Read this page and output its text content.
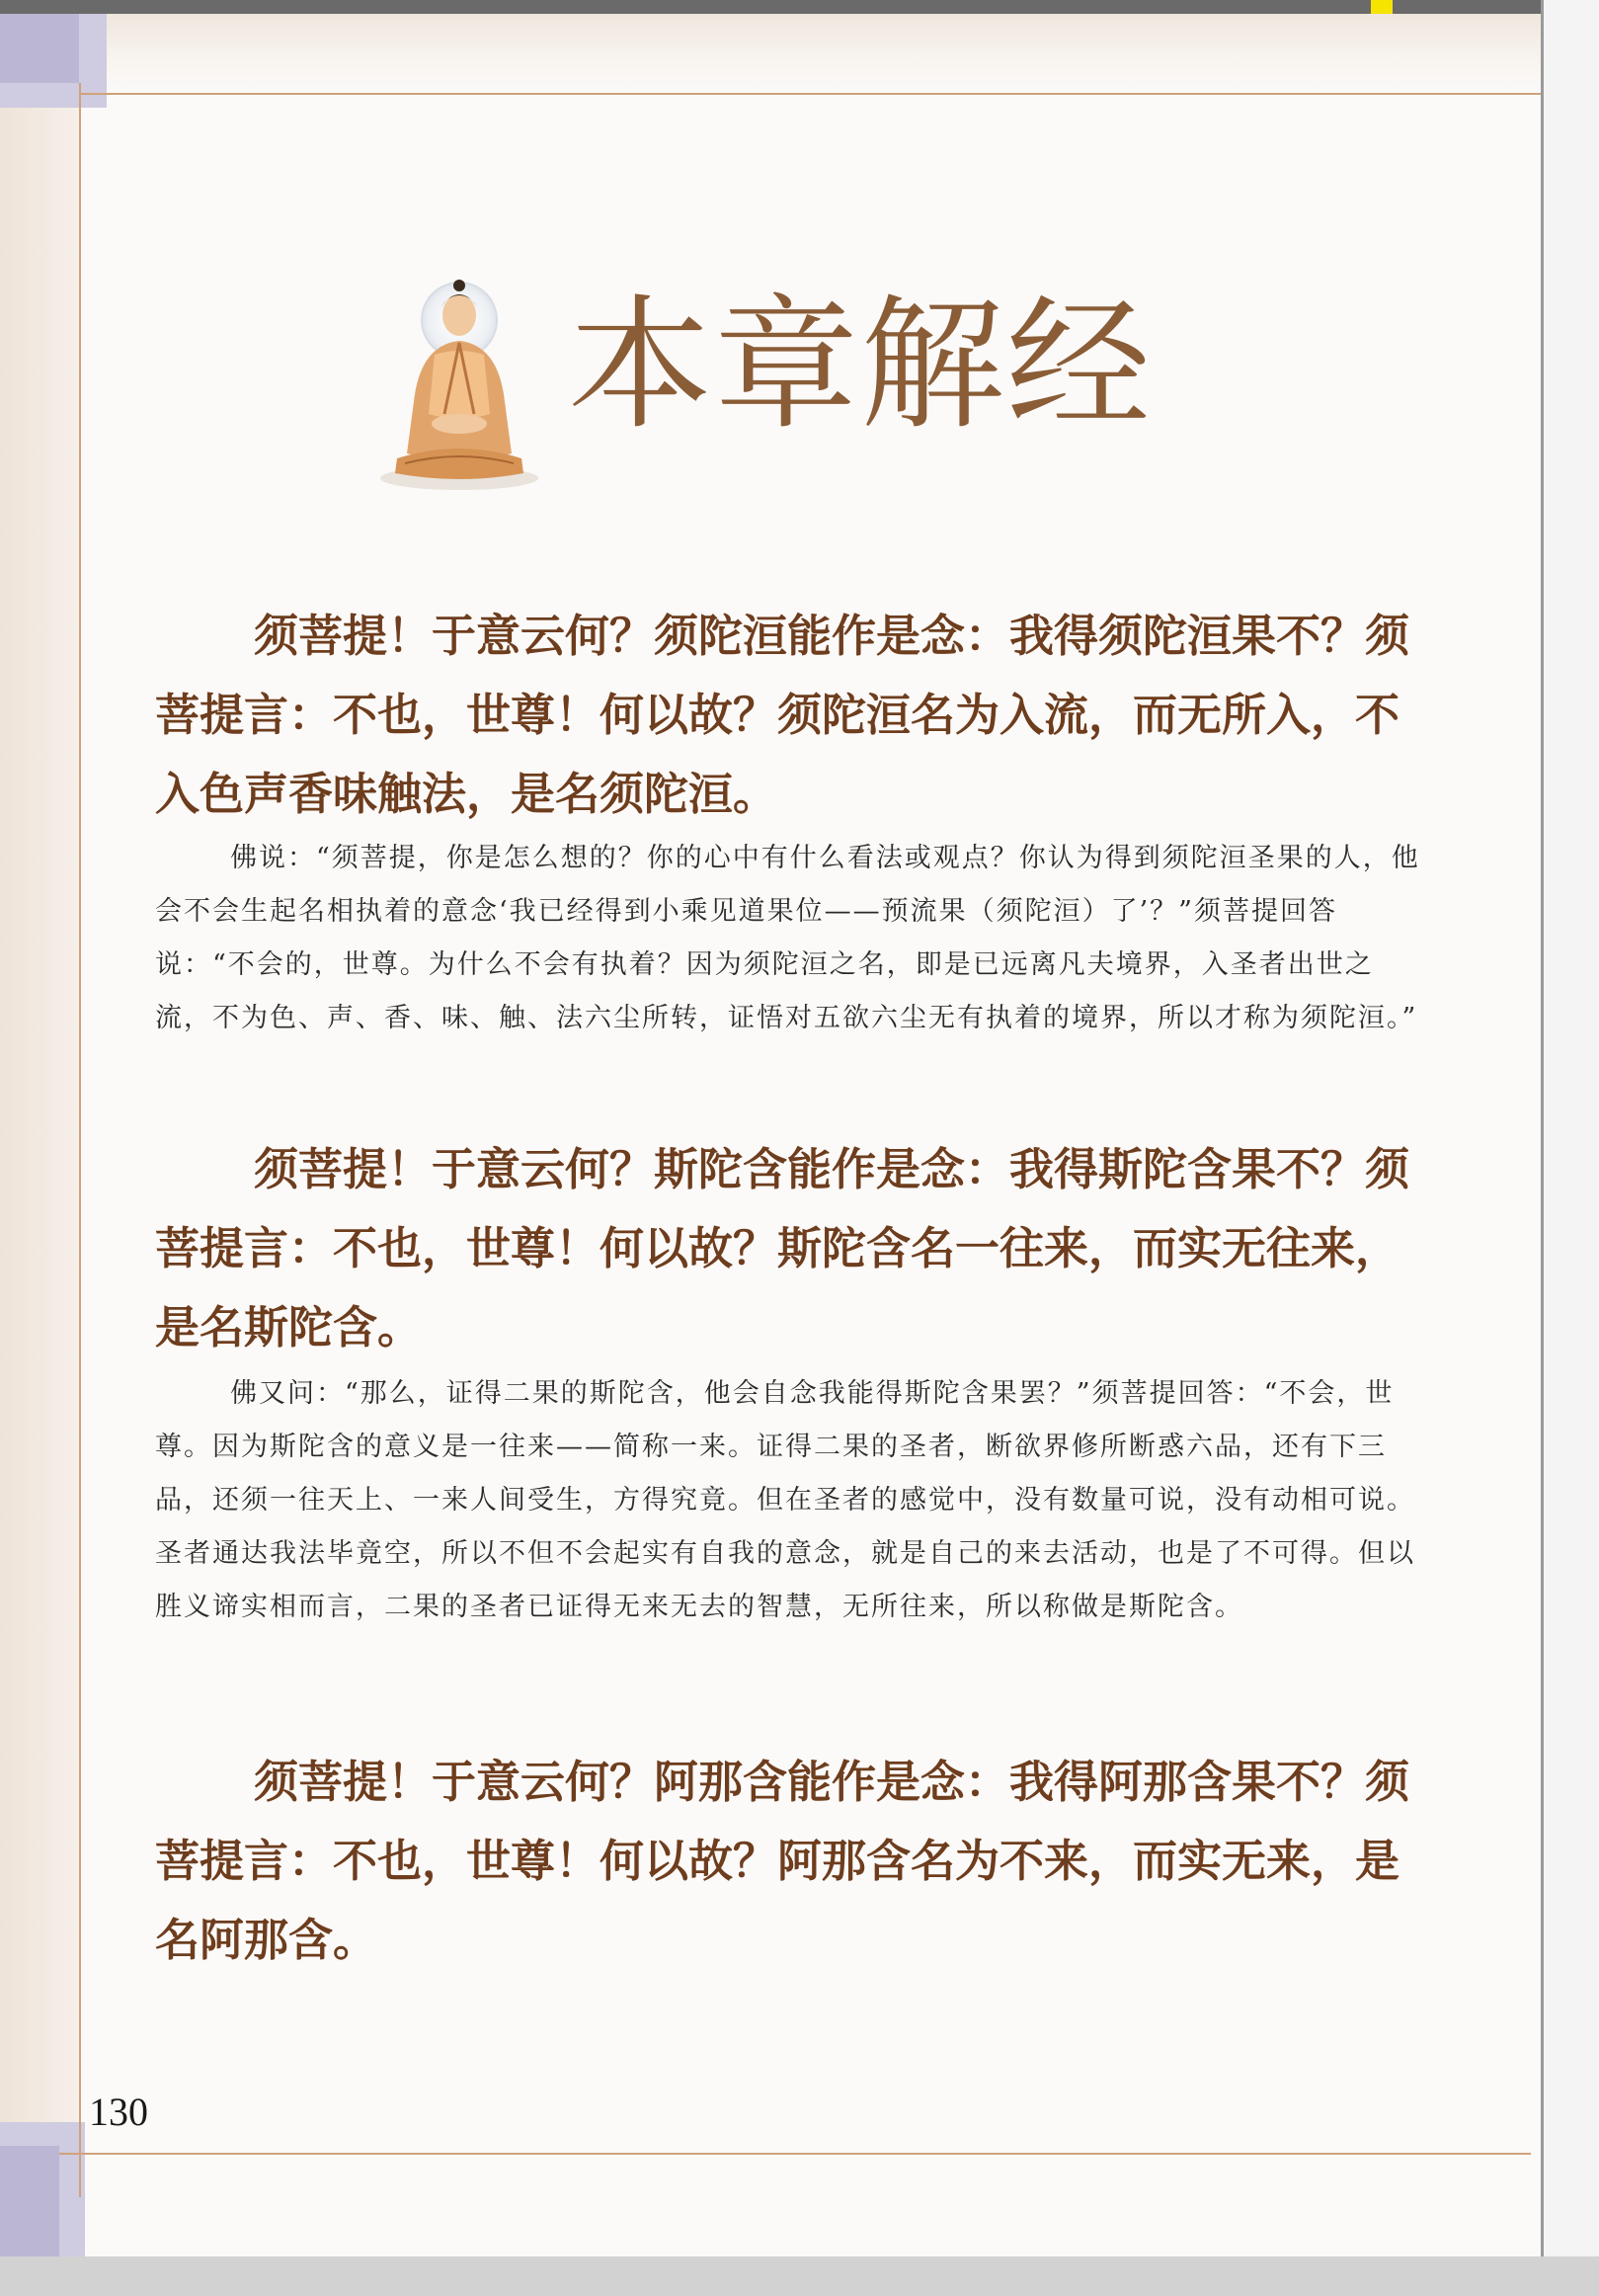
本章解经

须菩提！于意云何？须陀洹能作是念：我得须陀洹果不？须菩提言：不也，世尊！何以故？须陀洹名为入流，而无所入，不入色声香味触法，是名须陀洹。

佛说：“须菩提，你是怎么想的？你的心中有什么看法或观点？你认为得到须陀洹圣果的人，他会不会生起名相执着的意念‘我已经得到小乘见道果位——预流果（须陀洹）了’？”须菩提回答说：“不会的，世尊。为什么不会有执着？因为须陀洹之名，即是已远离凡夫境界，入圣者出世之流，不为色、声、香、味、触、法六尘所转，证悟对五欲六尘无有执着的境界，所以才称为须陀洹。”

须菩提！于意云何？斯陀含能作是念：我得斯陀含果不？须菩提言：不也，世尊！何以故？斯陀含名一往来，而实无往来，是名斯陀含。

佛又问：“那么，证得二果的斯陀含，他会自念我能得斯陀含果罢？”须菩提回答：“不会，世尊。因为斯陀含的意义是一往来——简称一来。证得二果的圣者，断欲界修所断惑六品，还有下三品，还须一往天上、一来人间受生，方得究竟。但在圣者的感觉中，没有数量可说，没有动相可说。圣者通达我法毕竟空，所以不但不会起实有自我的意念，就是自己的来去活动，也是了不可得。但以胜义谛实相而言，二果的圣者已证得无来无去的智慧，无所往来，所以称做是斯陀含。

须菩提！于意云何？阿那含能作是念：我得阿那含果不？须菩提言：不也，世尊！何以故？阿那含名为不来，而实无来，是名阿那含。

130
